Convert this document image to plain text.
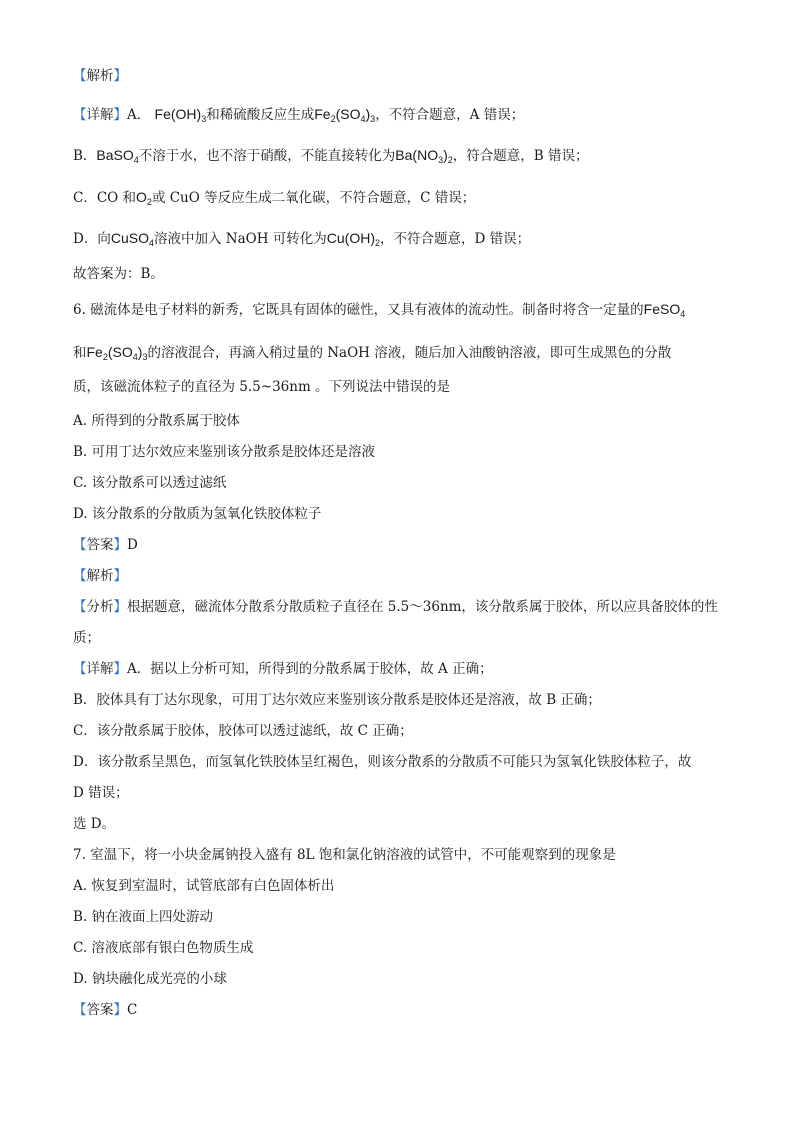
【解析】
【详解】A． $Fe(OH)_3$和稀硫酸反应生成$Fe_2(SO_4)_3$，不符合题意，A 错误；
B．BaSO$_4$不溶于水，也不溶于硝酸，不能直接转化为$Ba(NO_3)_2$，符合题意，B 错误；
C．CO 和$O_2$或 CuO 等反应生成二氧化碳，不符合题意，C 错误；
D．向CuSO$_4$溶液中加入 NaOH 可转化为$Cu(OH)_2$，不符合题意，D 错误；
故答案为：B。
6. 磁流体是电子材料的新秀，它既具有固体的磁性，又具有液体的流动性。制备时将含一定量的FeSO$_4$
和$Fe_2(SO_4)_3$的溶液混合，再滴入稍过量的 NaOH 溶液，随后加入油酸钠溶液，即可生成黑色的分散
质，该磁流体粒子的直径为 5.5~36nm 。下列说法中错误的是
A. 所得到的分散系属于胶体
B. 可用丁达尔效应来鉴别该分散系是胶体还是溶液
C. 该分散系可以透过滤纸
D. 该分散系的分散质为氢氧化铁胶体粒子
【答案】D
【解析】
【分析】根据题意，磁流体分散系分散质粒子直径在 5.5～36nm，该分散系属于胶体，所以应具备胶体的性
质；
【详解】A．据以上分析可知，所得到的分散系属于胶体，故 A 正确；
B．胶体具有丁达尔现象，可用丁达尔效应来鉴别该分散系是胶体还是溶液，故 B 正确；
C．该分散系属于胶体，胶体可以透过滤纸，故 C 正确；
D．该分散系呈黑色，而氢氧化铁胶体呈红褐色，则该分散系的分散质不可能只为氢氧化铁胶体粒子，故
D 错误；
选 D。
7. 室温下，将一小块金属钠投入盛有 8L 饱和氯化钠溶液的试管中，不可能观察到的现象是
A. 恢复到室温时，试管底部有白色固体析出
B. 钠在液面上四处游动
C. 溶液底部有银白色物质生成
D. 钠块融化成光亮的小球
【答案】C
